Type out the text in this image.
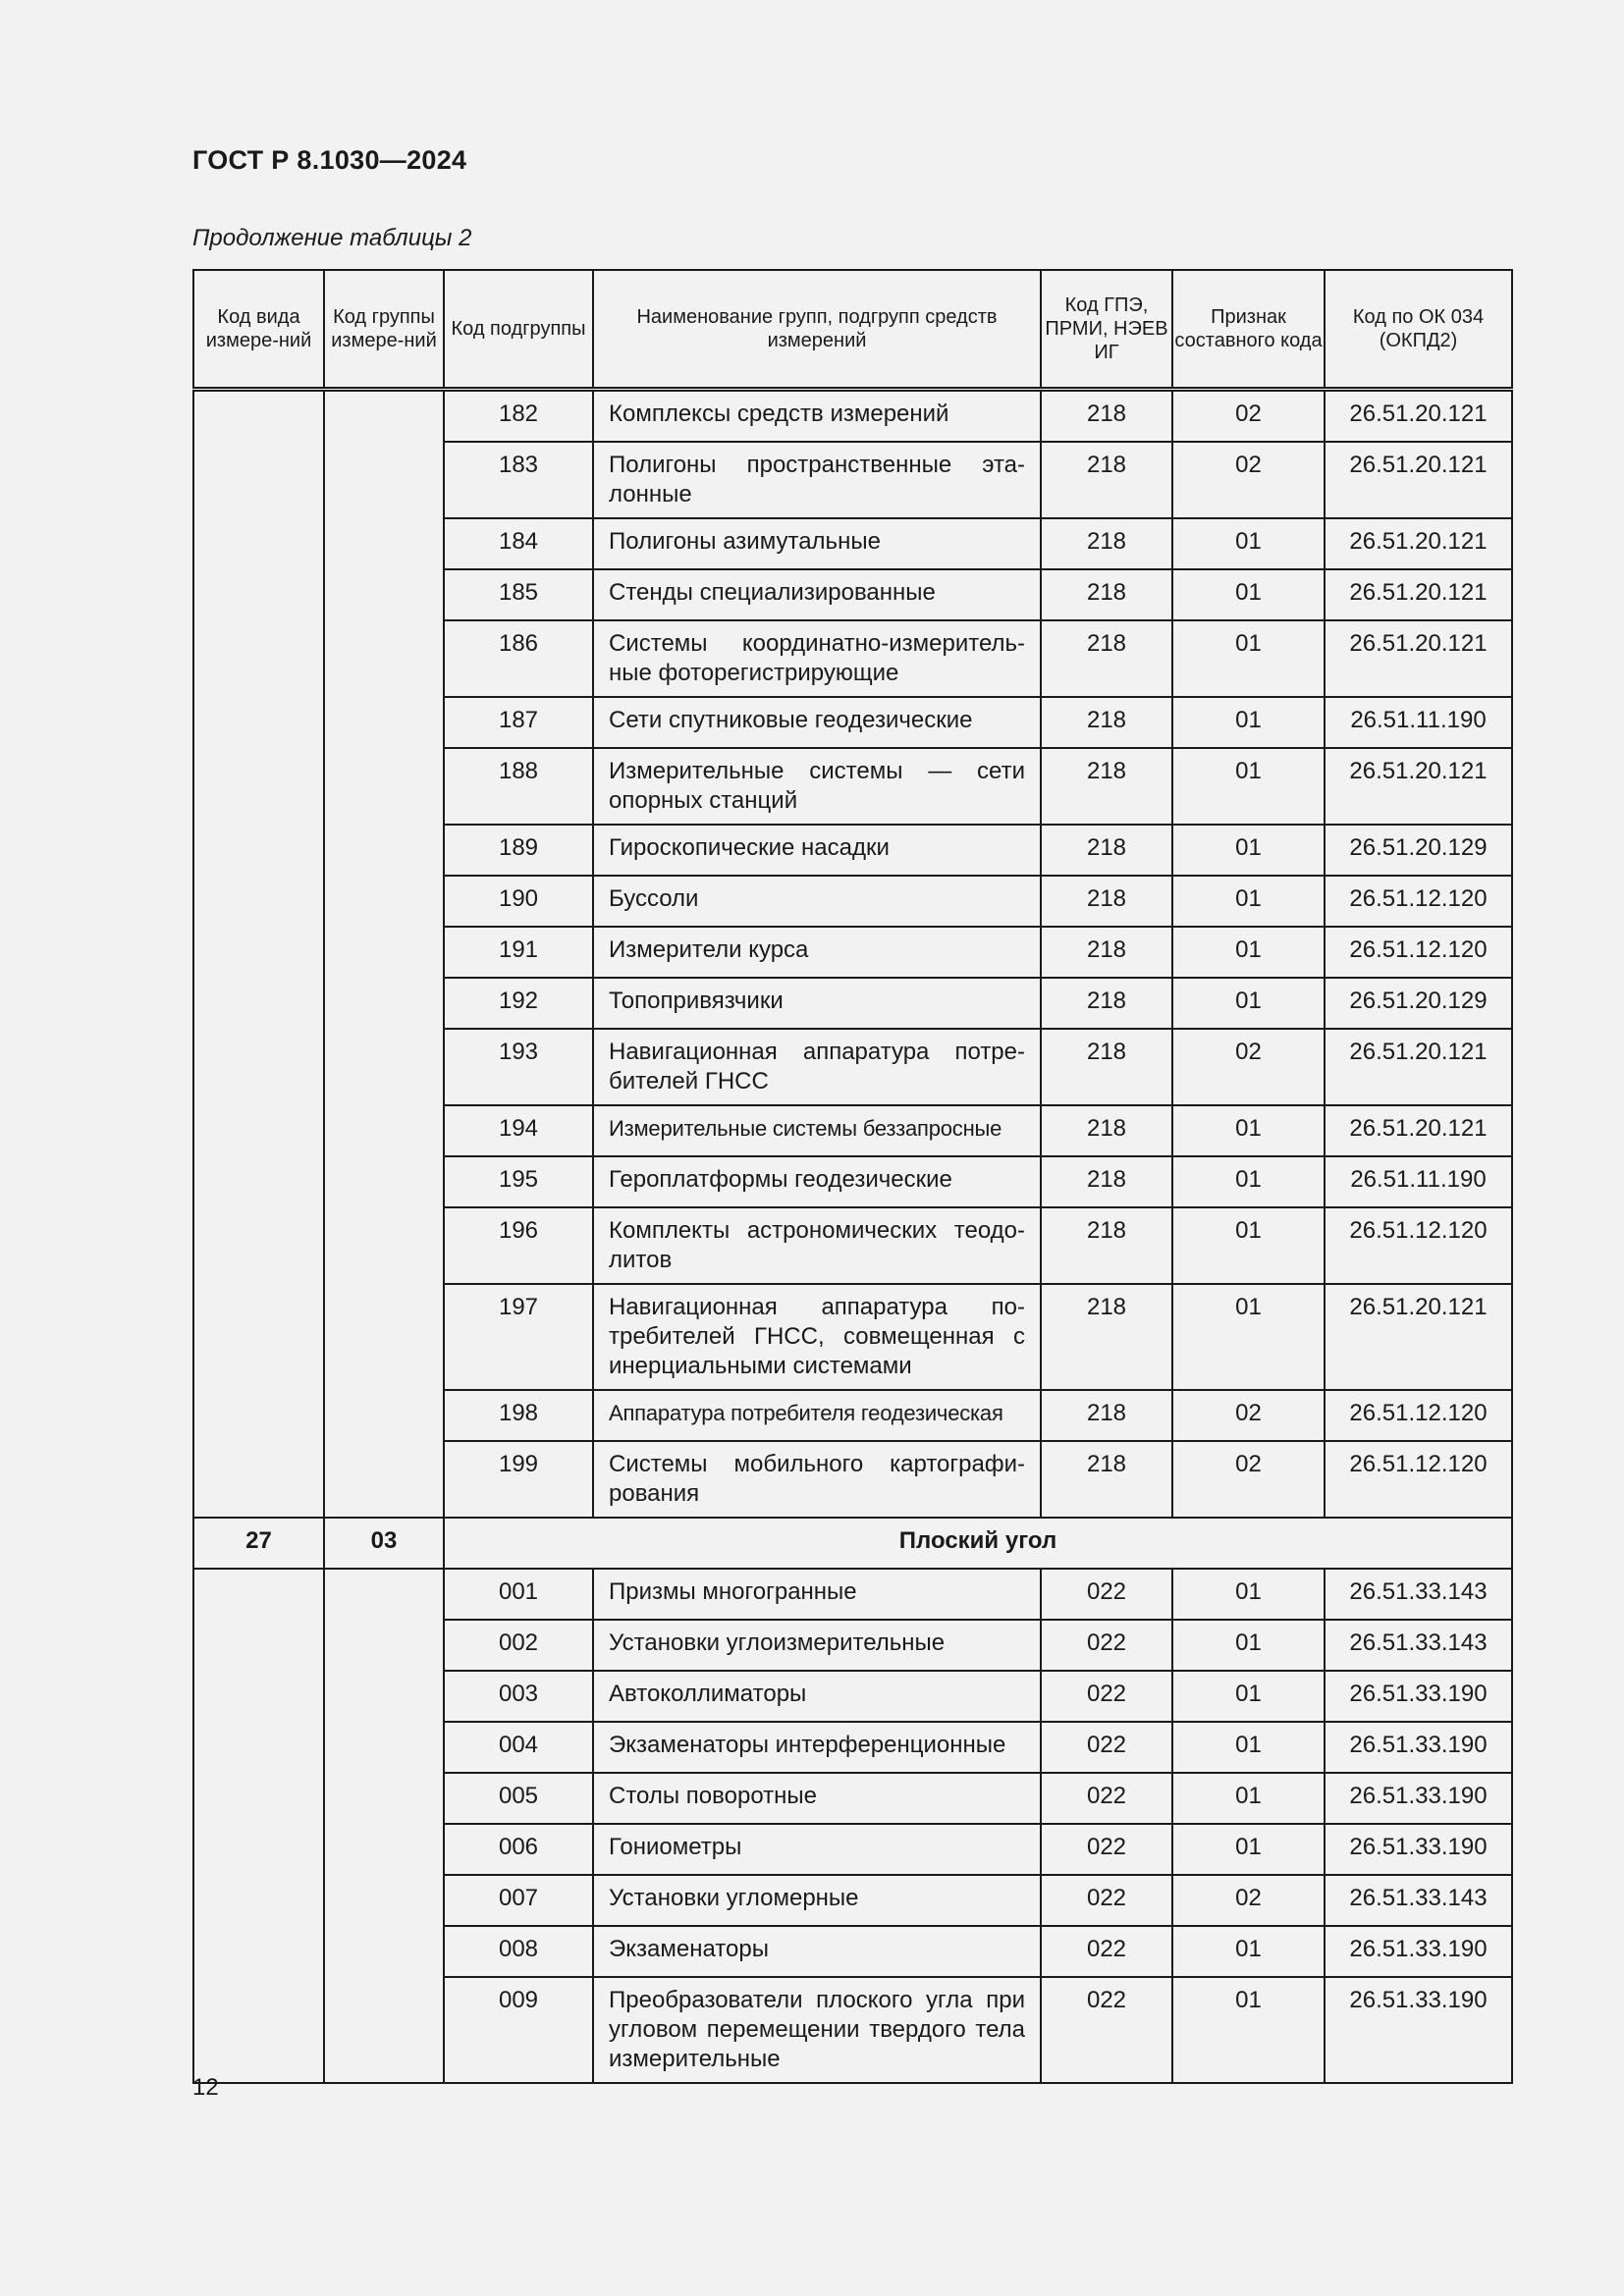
ГОСТ Р 8.1030—2024
Продолжение таблицы 2
Код вида измере-ний	Код группы измере-ний	Код подгруппы	Наименование групп, подгрупп средств измерений	Код ГПЭ, ПРМИ, НЭЕВ ИГ	Признак составного кода	Код по ОК 034 (ОКПД2)
		182	Комплексы средств измерений	218	02	26.51.20.121
		183	Полигоны пространственные эта-лонные	218	02	26.51.20.121
		184	Полигоны азимутальные	218	01	26.51.20.121
		185	Стенды специализированные	218	01	26.51.20.121
		186	Системы координатно-измеритель-ные фоторегистрирующие	218	01	26.51.20.121
		187	Сети спутниковые геодезические	218	01	26.51.11.190
		188	Измерительные системы — сети опорных станций	218	01	26.51.20.121
		189	Гироскопические насадки	218	01	26.51.20.129
		190	Буссоли	218	01	26.51.12.120
		191	Измерители курса	218	01	26.51.12.120
		192	Топопривязчики	218	01	26.51.20.129
		193	Навигационная аппаратура потре-бителей ГНСС	218	02	26.51.20.121
		194	Измерительные системы беззапросные	218	01	26.51.20.121
		195	Героплатформы геодезические	218	01	26.51.11.190
		196	Комплекты астрономических теодо-литов	218	01	26.51.12.120
		197	Навигационная аппаратура по-требителей ГНСС, совмещенная с инерциальными системами	218	01	26.51.20.121
		198	Аппаратура потребителя геодезическая	218	02	26.51.12.120
		199	Системы мобильного картографи-рования	218	02	26.51.12.120
27	03	Плоский угол				
		001	Призмы многогранные	022	01	26.51.33.143
		002	Установки углоизмерительные	022	01	26.51.33.143
		003	Автоколлиматоры	022	01	26.51.33.190
		004	Экзаменаторы интерференционные	022	01	26.51.33.190
		005	Столы поворотные	022	01	26.51.33.190
		006	Гониометры	022	01	26.51.33.190
		007	Установки угломерные	022	02	26.51.33.143
		008	Экзаменаторы	022	01	26.51.33.190
		009	Преобразователи плоского угла при угловом перемещении твердого тела измерительные	022	01	26.51.33.190
12
